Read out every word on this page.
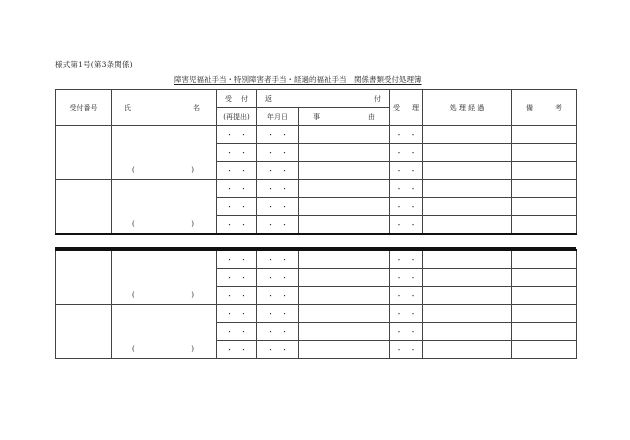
様式第1号(第3条関係)
障害児福祉手当・特別障害者手当・経過的福祉手当　関係書類受付処理簿
受付番号	氏 名	受 付	返 付		受 理	処 理 経 過	備 考

		(再提出)	年月日	事 由			

		・　・	・　・		・　・		
		・　・	・　・		・　・		

	( )	・　・	・　・		・　・		
		・　・	・　・		・　・		
		・　・	・　・		・　・		

	( )	・　・	・　・		・　・		
		・　・	・　・		・　・		
		・　・	・　・		・　・		

	( )	・　・	・　・		・　・		
		・　・	・　・		・　・		
		・　・	・　・		・　・		

	( )	・　・	・　・		・　・		
